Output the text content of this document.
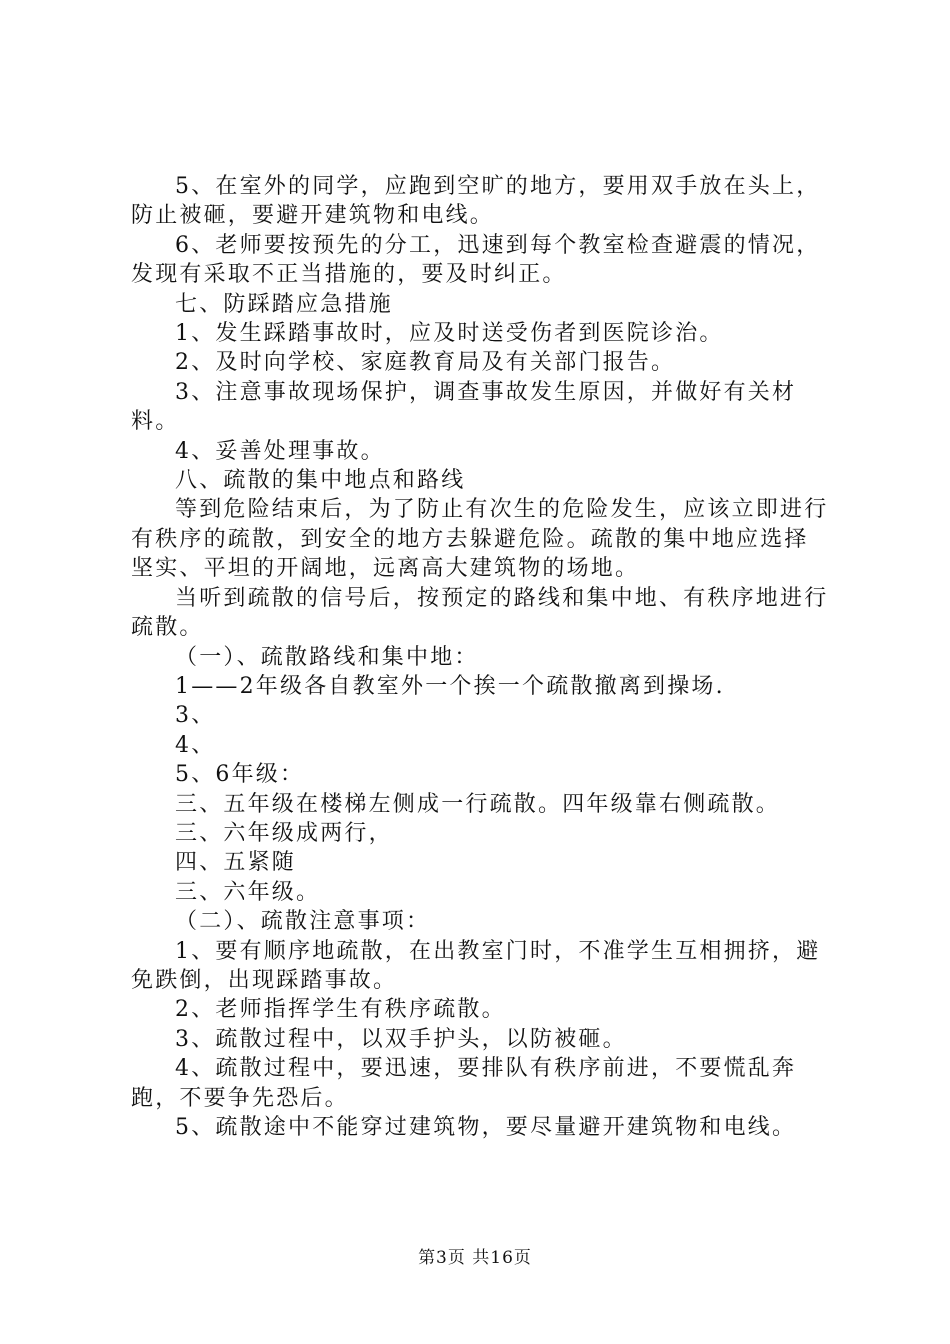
5、在室外的同学，应跑到空旷的地方，要用双手放在头上，防止被砸，要避开建筑物和电线。

6、老师要按预先的分工，迅速到每个教室检查避震的情况，发现有采取不正当措施的，要及时纠正。

七、防踩踏应急措施

1、发生踩踏事故时，应及时送受伤者到医院诊治。

2、及时向学校、家庭教育局及有关部门报告。

3、注意事故现场保护，调查事故发生原因，并做好有关材料。

4、妥善处理事故。

八、疏散的集中地点和路线

等到危险结束后，为了防止有次生的危险发生，应该立即进行有秩序的疏散，到安全的地方去躲避危险。疏散的集中地应选择坚实、平坦的开阔地，远离高大建筑物的场地。

当听到疏散的信号后，按预定的路线和集中地、有秩序地进行疏散。

（一）、疏散路线和集中地：

1——2年级各自教室外一个挨一个疏散撤离到操场.

3、

4、

5、6年级：

三、五年级在楼梯左侧成一行疏散。四年级靠右侧疏散。

三、六年级成两行，

四、五紧随

三、六年级。

（二）、疏散注意事项：

1、要有顺序地疏散，在出教室门时，不准学生互相拥挤，避免跌倒，出现踩踏事故。

2、老师指挥学生有秩序疏散。

3、疏散过程中，以双手护头，以防被砸。

4、疏散过程中，要迅速，要排队有秩序前进，不要慌乱奔跑，不要争先恐后。

5、疏散途中不能穿过建筑物，要尽量避开建筑物和电线。

第3页 共16页
